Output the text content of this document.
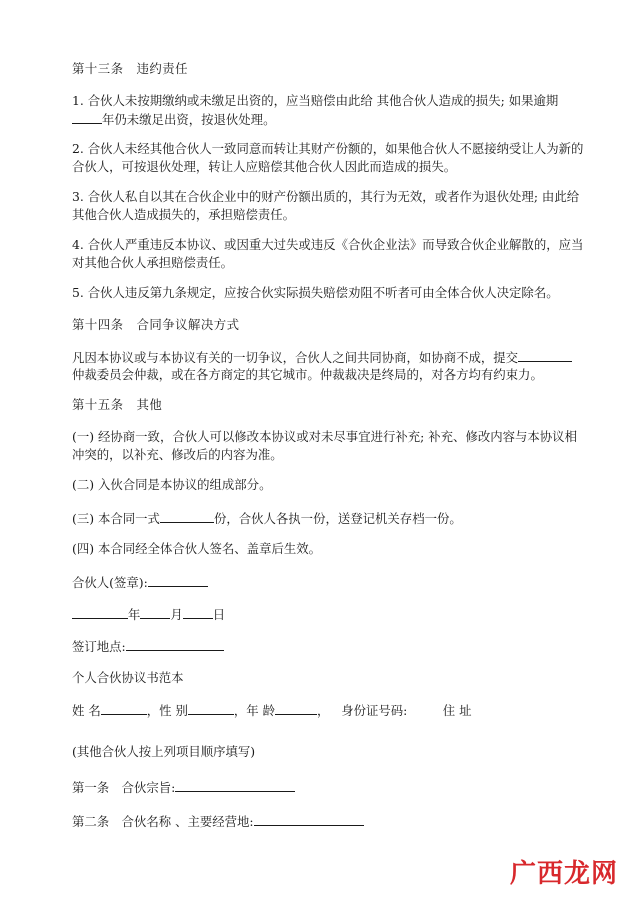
第十三条　违约责任
1. 合伙人未按期缴纳或未缴足出资的，应当赔偿由此给 其他合伙人造成的损失; 如果逾期
年仍未缴足出资，按退伙处理。
2. 合伙人未经其他合伙人一致同意而转让其财产份额的，如果他合伙人不愿接纳受让人为新的
合伙人，可按退伙处理，转让人应赔偿其他合伙人因此而造成的损失。
3. 合伙人私自以其在合伙企业中的财产份额出质的，其行为无效，或者作为退伙处理; 由此给
其他合伙人造成损失的，承担赔偿责任。
4. 合伙人严重违反本协议、或因重大过失或违反《合伙企业法》而导致合伙企业解散的，应当
对其他合伙人承担赔偿责任。
5. 合伙人违反第九条规定，应按合伙实际损失赔偿劝阻不听者可由全体合伙人决定除名。
第十四条　合同争议解决方式
凡因本协议或与本协议有关的一切争议，合伙人之间共同协商，如协商不成，提交
仲裁委员会仲裁，或在各方商定的其它城市。仲裁裁决是终局的，对各方均有约束力。
第十五条　其他
(一) 经协商一致，合伙人可以修改本协议或对未尽事宜进行补充; 补充、修改内容与本协议相
冲突的，以补充、修改后的内容为准。
(二) 入伙合同是本协议的组成部分。
(三) 本合同一式	份，合伙人各执一份，送登记机关存档一份。
(四) 本合同经全体合伙人签名、盖章后生效。
合伙人(签章):
年 月 日
签订地点:
个人合伙协议书范本
姓 名	，性 别	，年 龄	， 身份证号码:	住 址
(其他合伙人按上列项目顺序填写)
第一条　合伙宗旨:
第二条　合伙名称 、主要经营地:
广西龙网
